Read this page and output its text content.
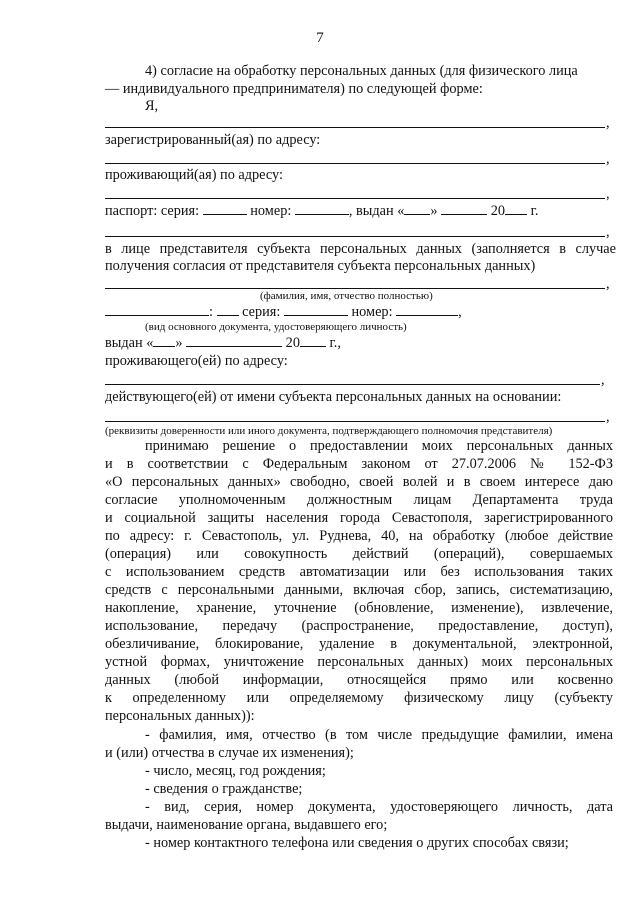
7
4) согласие на обработку персональных данных (для физического лица
— индивидуального предпринимателя) по следующей форме:
Я,
,
зарегистрированный(ая) по адресу:
,
проживающий(ая) по адресу:
,
паспорт: серия:	номер:	, выдан « »	20 г.
,
в лице представителя субъекта персональных данных (заполняется в случае
получения согласия от представителя субъекта персональных данных)
,
(фамилия, имя, отчество полностью)
: серия:	номер:	,
(вид основного документа, удостоверяющего личность)
выдан « »	20 г.,
проживающего(ей) по адресу:
,
действующего(ей) от имени субъекта персональных данных на основании:
,
(реквизиты доверенности или иного документа, подтверждающего полномочия представителя)
принимаю решение о предоставлении моих персональных данных
и в соответствии с Федеральным законом от 27.07.2006 № 152-ФЗ
«О персональных данных» свободно, своей волей и в своем интересе даю
согласие уполномоченным должностным лицам Департамента труда
и социальной защиты населения города Севастополя, зарегистрированного
по адресу: г. Севастополь, ул. Руднева, 40, на обработку (любое действие
(операция) или совокупность действий (операций), совершаемых
с использованием средств автоматизации или без использования таких
средств с персональными данными, включая сбор, запись, систематизацию,
накопление, хранение, уточнение (обновление, изменение), извлечение,
использование, передачу (распространение, предоставление, доступ),
обезличивание, блокирование, удаление в документальной, электронной,
устной формах, уничтожение персональных данных) моих персональных
данных (любой информации, относящейся прямо или косвенно
к определенному или определяемому физическому лицу (субъекту
персональных данных)):
- фамилия, имя, отчество (в том числе предыдущие фамилии, имена
и (или) отчества в случае их изменения);
- число, месяц, год рождения;
- сведения о гражданстве;
- вид, серия, номер документа, удостоверяющего личность, дата
выдачи, наименование органа, выдавшего его;
- номер контактного телефона или сведения о других способах связи;
